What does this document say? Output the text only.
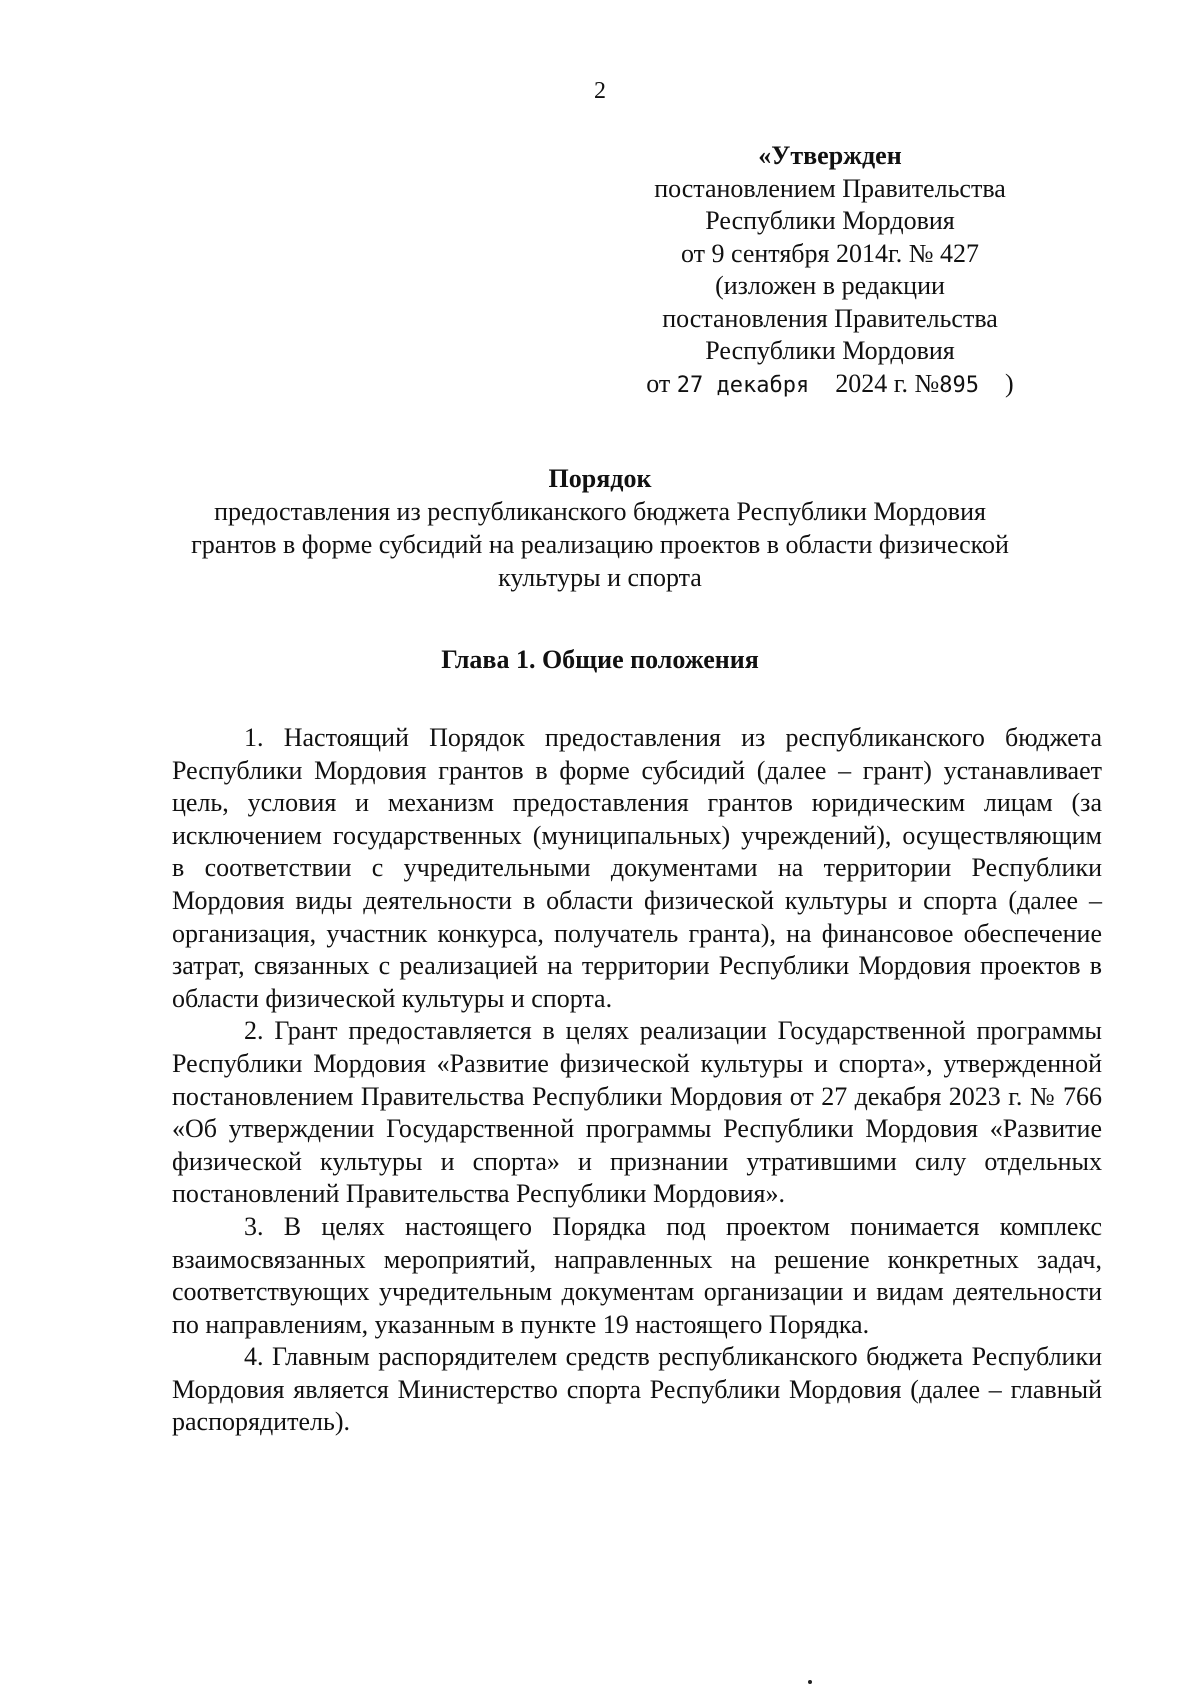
2
«Утвержден
постановлением Правительства
Республики Мордовия
от 9 сентября 2014г. № 427
(изложен в редакции
постановления Правительства
Республики Мордовия
от 27 декабря 2024 г. №895 )
Порядок
предоставления из республиканского бюджета Республики Мордовия
грантов в форме субсидий на реализацию проектов в области физической
культуры и спорта
Глава 1. Общие положения

1. Настоящий Порядок предоставления из республиканского бюджета Республики Мордовия грантов в форме субсидий (далее – грант) устанавливает цель, условия и механизм предоставления грантов юридическим лицам (за исключением государственных (муниципальных) учреждений), осуществляющим в соответствии с учредительными документами на территории Республики Мордовия виды деятельности в области физической культуры и спорта (далее – организация, участник конкурса, получатель гранта), на финансовое обеспечение затрат, связанных с реализацией на территории Республики Мордовия проектов в области физической культуры и спорта.

2. Грант предоставляется в целях реализации Государственной программы Республики Мордовия «Развитие физической культуры и спорта», утвержденной постановлением Правительства Республики Мордовия от 27 декабря 2023 г. № 766 «Об утверждении Государственной программы Республики Мордовия «Развитие физической культуры и спорта» и признании утратившими силу отдельных постановлений Правительства Республики Мордовия».

3. В целях настоящего Порядка под проектом понимается комплекс взаимосвязанных мероприятий, направленных на решение конкретных задач, соответствующих учредительным документам организации и видам деятельности по направлениям, указанным в пункте 19 настоящего Порядка.

4. Главным распорядителем средств республиканского бюджета Республики Мордовия является Министерство спорта Республики Мордовия (далее – главный распорядитель).
